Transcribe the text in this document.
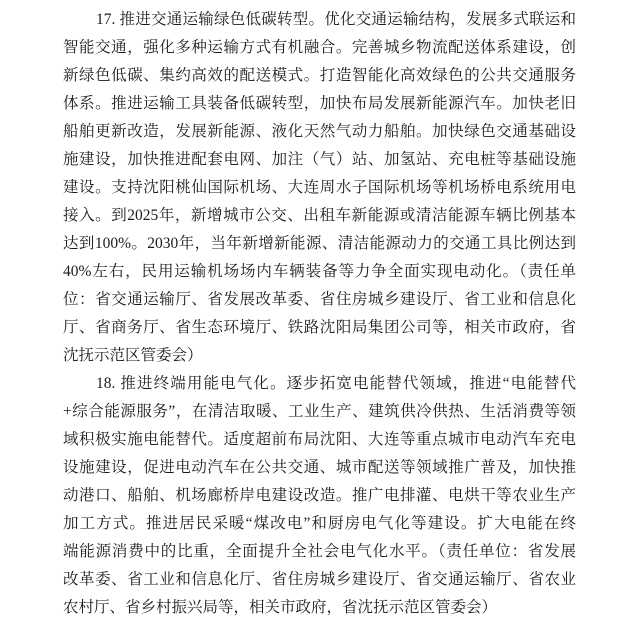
17. 推进交通运输绿色低碳转型。优化交通运输结构，发展多式联运和
智能交通，强化多种运输方式有机融合。完善城乡物流配送体系建设，创
新绿色低碳、集约高效的配送模式。打造智能化高效绿色的公共交通服务
体系。推进运输工具装备低碳转型，加快布局发展新能源汽车。加快老旧
船舶更新改造，发展新能源、液化天然气动力船舶。加快绿色交通基础设
施建设，加快推进配套电网、加注（气）站、加氢站、充电桩等基础设施
建设。支持沈阳桃仙国际机场、大连周水子国际机场等机场桥电系统用电
接入。到2025年，新增城市公交、出租车新能源或清洁能源车辆比例基本
达到100%。2030年，当年新增新能源、清洁能源动力的交通工具比例达到
40%左右，民用运输机场场内车辆装备等力争全面实现电动化。（责任单
位：省交通运输厅、省发展改革委、省住房城乡建设厅、省工业和信息化
厅、省商务厅、省生态环境厅、铁路沈阳局集团公司等，相关市政府，省
沈抚示范区管委会）
18. 推进终端用能电气化。逐步拓宽电能替代领域，推进“电能替代
+综合能源服务”，在清洁取暖、工业生产、建筑供冷供热、生活消费等领
域积极实施电能替代。适度超前布局沈阳、大连等重点城市电动汽车充电
设施建设，促进电动汽车在公共交通、城市配送等领域推广普及，加快推
动港口、船舶、机场廊桥岸电建设改造。推广电排灌、电烘干等农业生产
加工方式。推进居民采暖“煤改电”和厨房电气化等建设。扩大电能在终
端能源消费中的比重，全面提升全社会电气化水平。（责任单位：省发展
改革委、省工业和信息化厅、省住房城乡建设厅、省交通运输厅、省农业
农村厅、省乡村振兴局等，相关市政府，省沈抚示范区管委会）
